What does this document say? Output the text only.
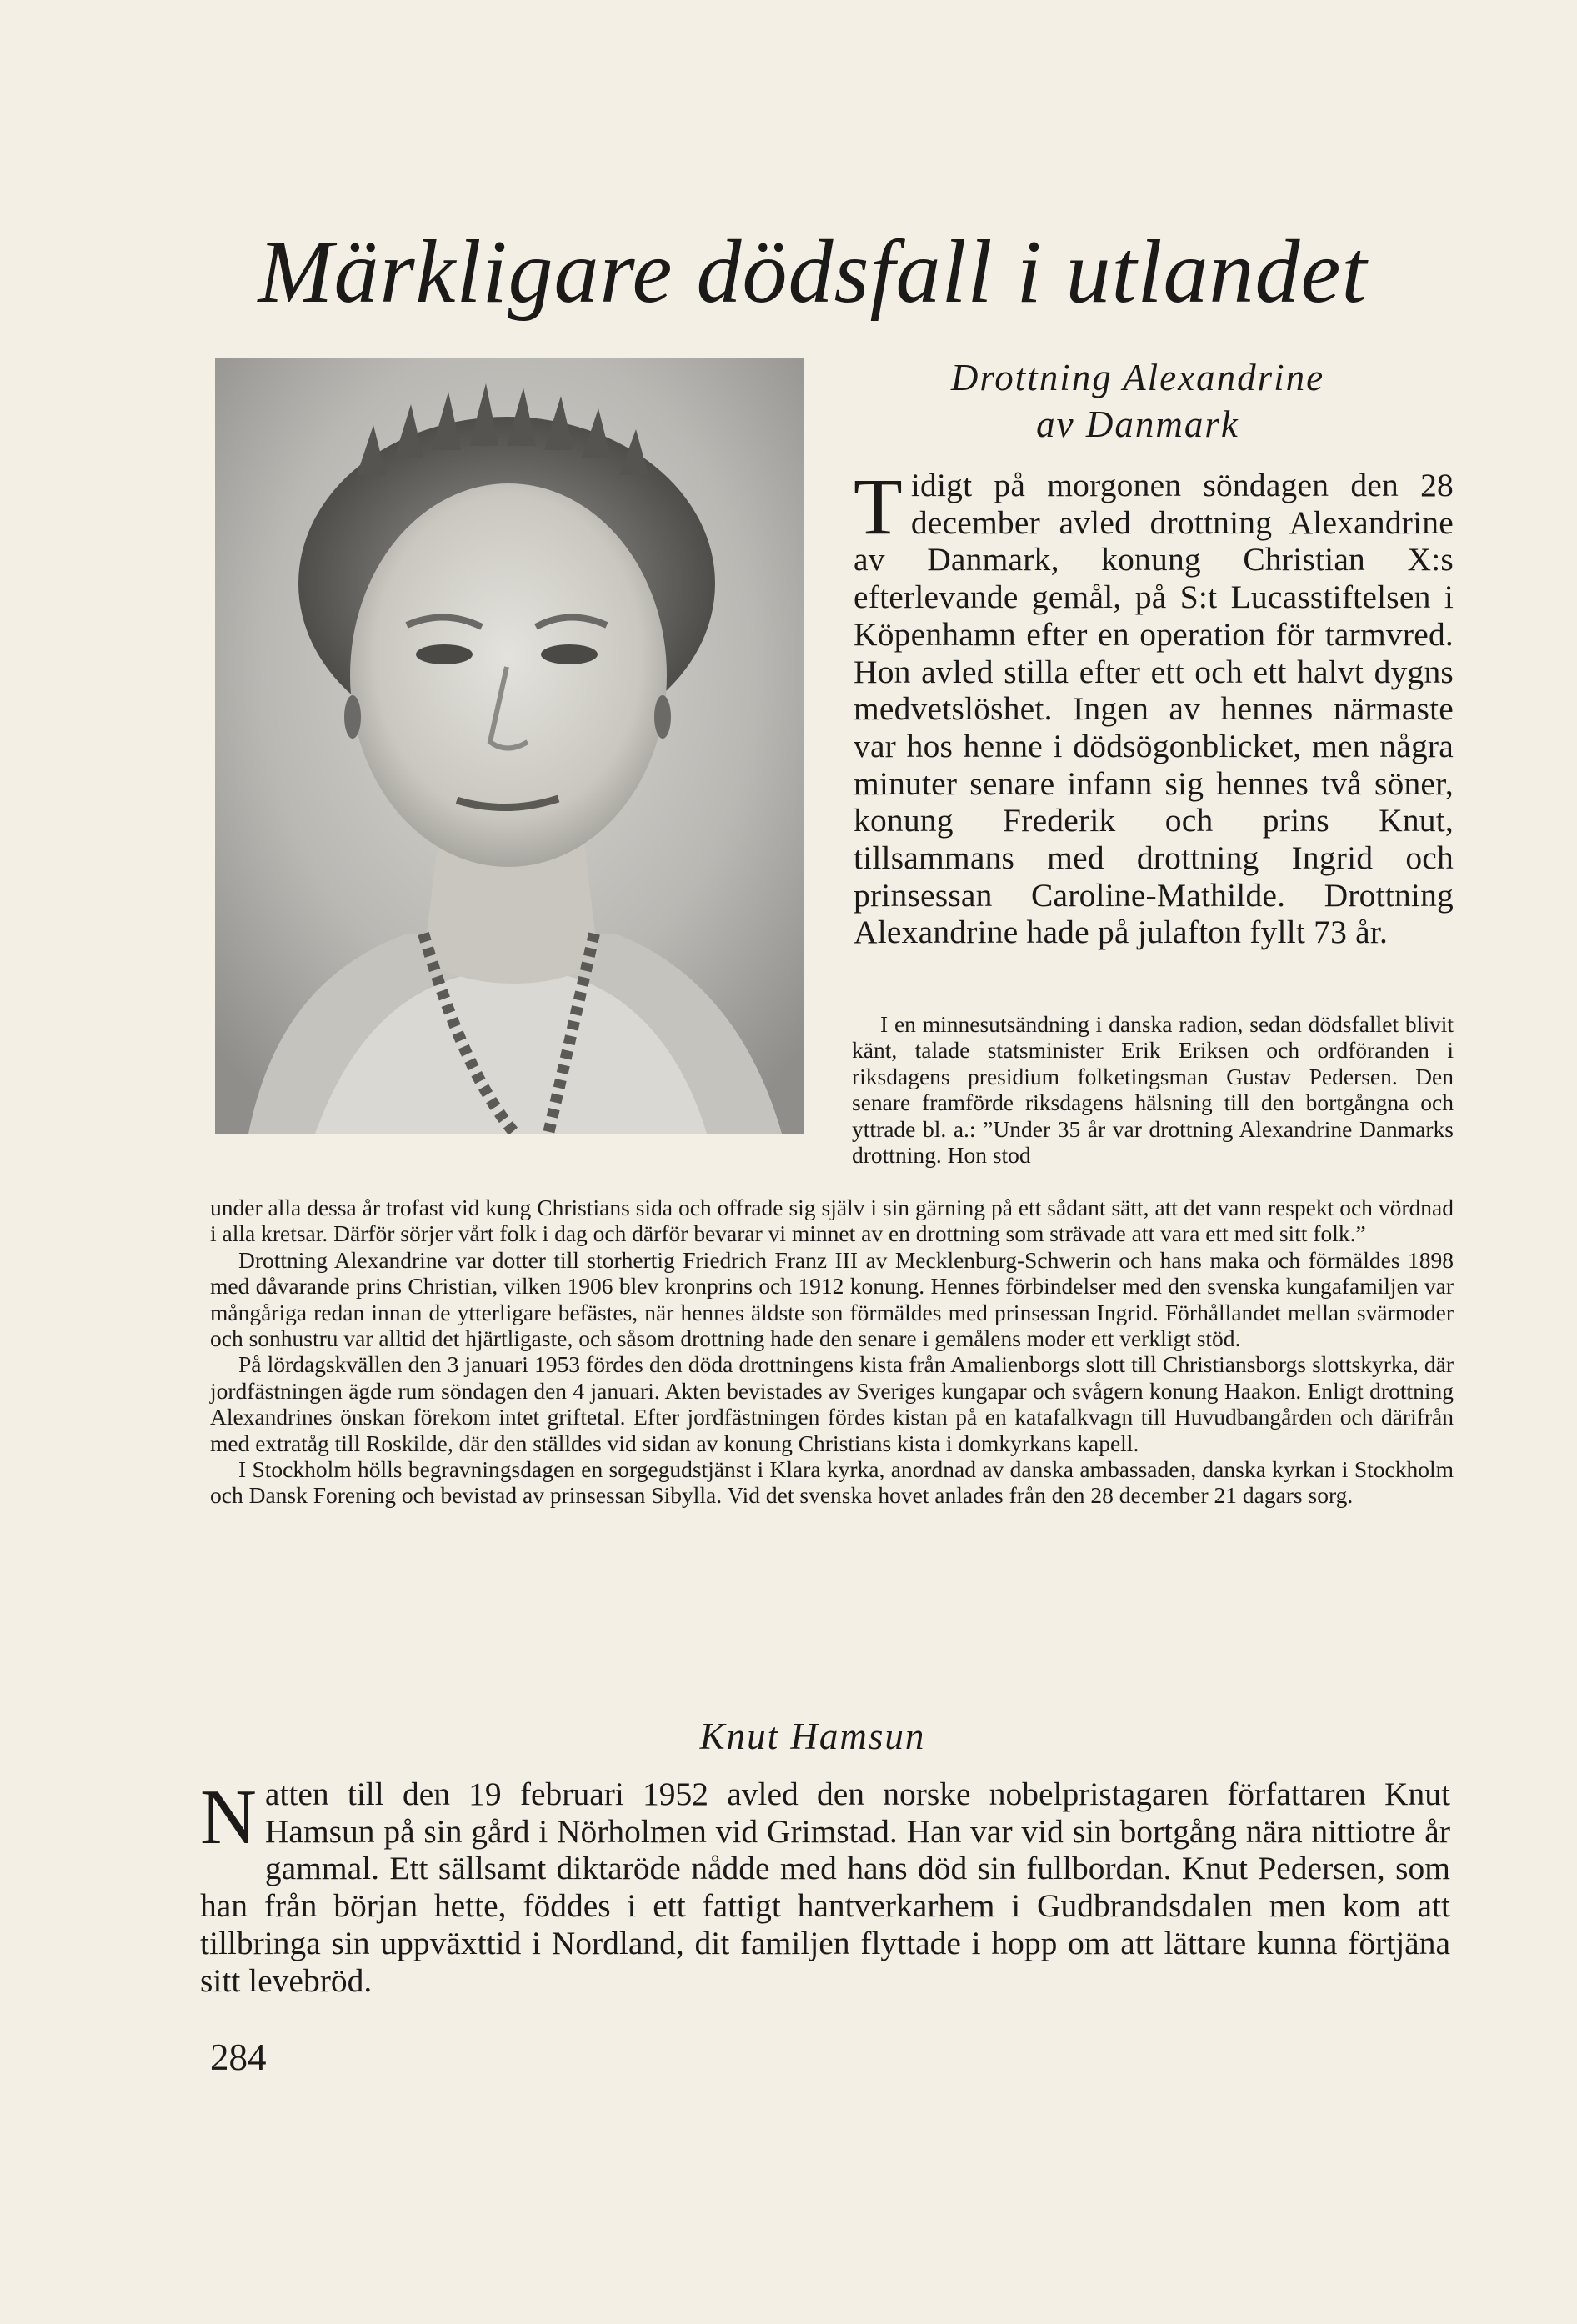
Märkligare dödsfall i utlandet
Drottning Alexandrine
av Danmark

Tidigt på morgonen söndagen den 28 december avled drottning Alexandrine av Danmark, konung Christian X:s efterlevande gemål, på S:t Lucasstiftelsen i Köpenhamn efter en operation för tarmvred. Hon avled stilla efter ett och ett halvt dygns medvetslöshet. Ingen av hennes närmaste var hos henne i dödsögonblicket, men några minuter senare infann sig hennes två söner, konung Frederik och prins Knut, tillsammans med drottning Ingrid och prinsessan Caroline-Mathilde. Drottning Alexandrine hade på julafton fyllt 73 år.

I en minnesutsändning i danska radion, sedan dödsfallet blivit känt, talade statsminister Erik Eriksen och ordföranden i riksdagens presidium folketingsman Gustav Pedersen. Den senare framförde riksdagens hälsning till den bortgångna och yttrade bl. a.: ”Under 35 år var drottning Alexandrine Danmarks drottning. Hon stod

under alla dessa år trofast vid kung Christians sida och offrade sig själv i sin gärning på ett sådant sätt, att det vann respekt och vördnad i alla kretsar. Därför sörjer vårt folk i dag och därför bevarar vi minnet av en drottning som strävade att vara ett med sitt folk.”

Drottning Alexandrine var dotter till storhertig Friedrich Franz III av Mecklenburg-Schwerin och hans maka och förmäldes 1898 med dåvarande prins Christian, vilken 1906 blev kronprins och 1912 konung. Hennes förbindelser med den svenska kungafamiljen var mångåriga redan innan de ytterligare befästes, när hennes äldste son förmäldes med prinsessan Ingrid. Förhållandet mellan svärmoder och sonhustru var alltid det hjärtligaste, och såsom drottning hade den senare i gemålens moder ett verkligt stöd.

På lördagskvällen den 3 januari 1953 fördes den döda drottningens kista från Amalienborgs slott till Christiansborgs slottskyrka, där jordfästningen ägde rum söndagen den 4 januari. Akten bevistades av Sveriges kungapar och svågern konung Haakon. Enligt drottning Alexandrines önskan förekom intet griftetal. Efter jordfästningen fördes kistan på en katafalkvagn till Huvudbangården och därifrån med extratåg till Roskilde, där den ställdes vid sidan av konung Christians kista i domkyrkans kapell.

I Stockholm hölls begravningsdagen en sorgegudstjänst i Klara kyrka, anordnad av danska ambassaden, danska kyrkan i Stockholm och Dansk Forening och bevistad av prinsessan Sibylla. Vid det svenska hovet anlades från den 28 december 21 dagars sorg.

Knut Hamsun

Natten till den 19 februari 1952 avled den norske nobelpristagaren författaren Knut Hamsun på sin gård i Nörholmen vid Grimstad. Han var vid sin bortgång nära nittiotre år gammal. Ett sällsamt diktaröde nådde med hans död sin fullbordan. Knut Pedersen, som han från början hette, föddes i ett fattigt hantverkarhem i Gudbrandsdalen men kom att tillbringa sin uppväxttid i Nordland, dit familjen flyttade i hopp om att lättare kunna förtjäna sitt levebröd.

284
